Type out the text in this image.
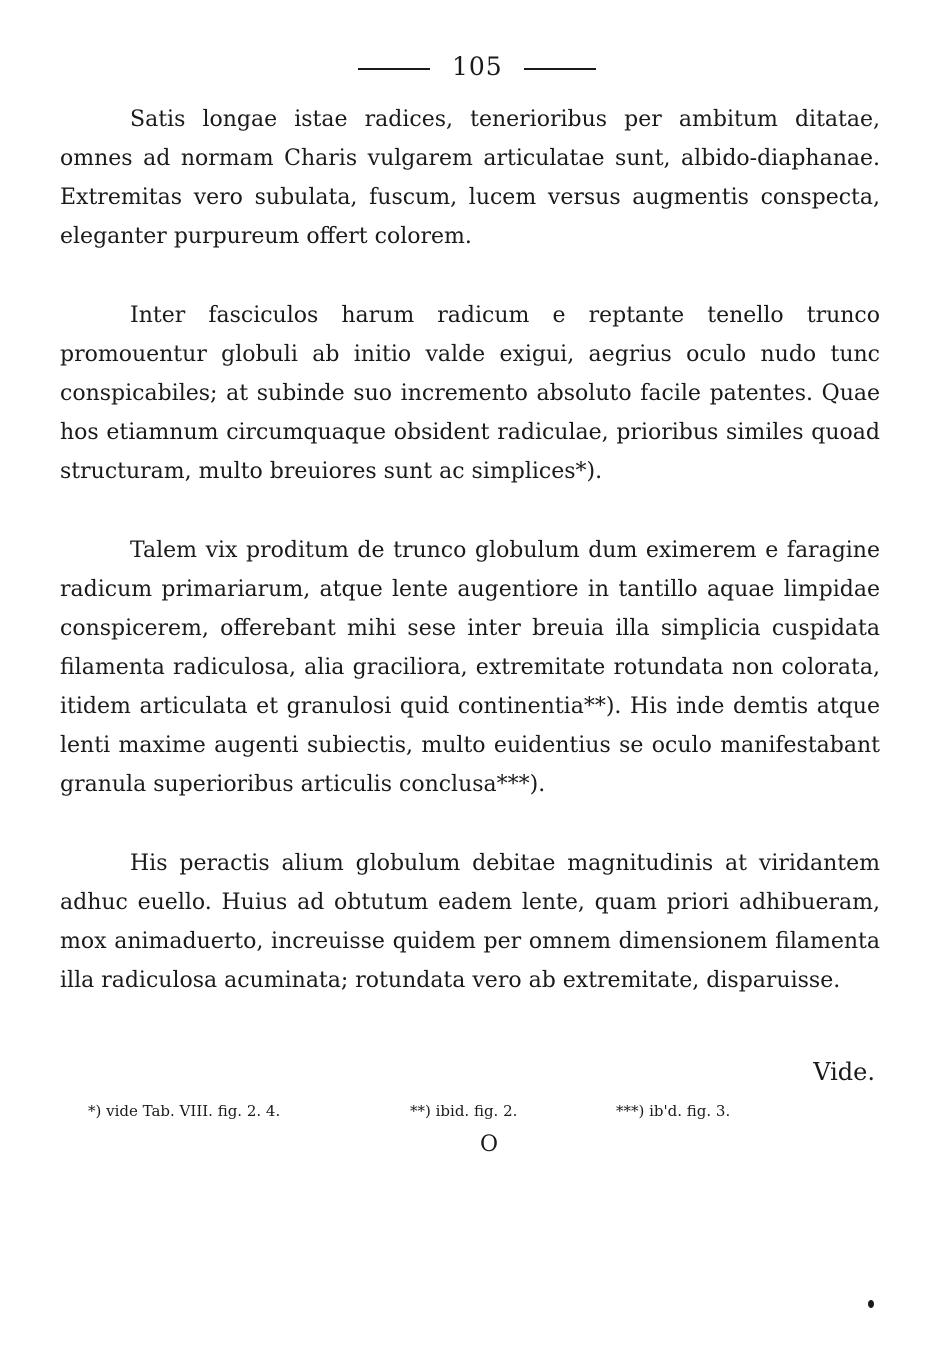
105

Satis longae istae radices, tenerioribus per ambitum ditatae, omnes ad normam Charis vulgarem articulatae sunt, albido-diaphanae. Extremitas vero subulata, fuscum, lucem versus augmentis conspecta, eleganter purpureum offert colorem.

Inter fasciculos harum radicum e reptante tenello trunco promouentur globuli ab initio valde exigui, aegrius oculo nudo tunc conspicabiles; at subinde suo incremento absoluto facile patentes. Quae hos etiamnum circumquaque obsident radiculae, prioribus similes quoad structuram, multo breuiores sunt ac simplices*).

Talem vix proditum de trunco globulum dum eximerem e faragine radicum primariarum, atque lente augentiore in tantillo aquae limpidae conspicerem, offerebant mihi sese inter breuia illa simplicia cuspidata filamenta radiculosa, alia graciliora, extremitate rotundata non colorata, itidem articulata et granulosi quid continentia**). His inde demtis atque lenti maxime augenti subiectis, multo euidentius se oculo manifestabant granula superioribus articulis conclusa***).

His peractis alium globulum debitae magnitudinis at viridantem adhuc euello. Huius ad obtutum eadem lente, quam priori adhibueram, mox animaduerto, increuisse quidem per omnem dimensionem filamenta illa radiculosa acuminata; rotundata vero ab extremitate, disparuisse.

Vide.
*) vide Tab. VIII. fig. 2. 4.	**) ibid. fig. 2.	***) ib'd. fig. 3.
O
